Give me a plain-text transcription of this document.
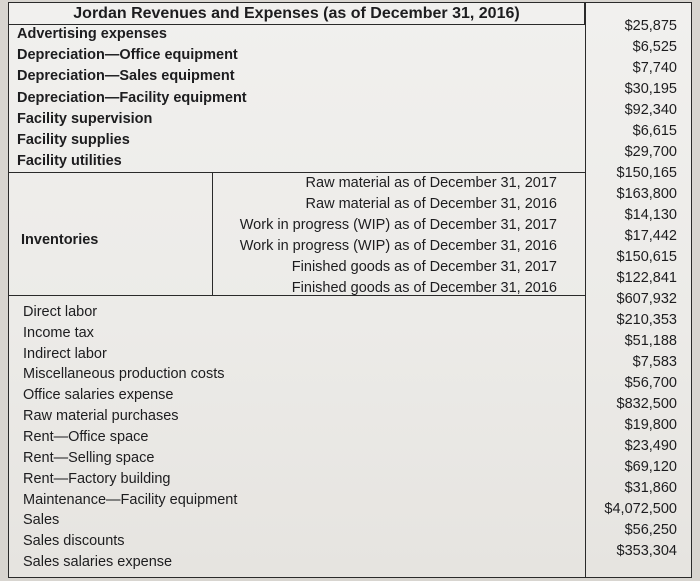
Jordan Revenues and Expenses (as of December 31, 2016)
Advertising expenses
Depreciation—Office equipment
Depreciation—Sales equipment
Depreciation—Facility equipment
Facility supervision
Facility supplies
Facility utilities
$25,875
$6,525
$7,740
$30,195
$92,340
$6,615
$29,700
Inventories
Raw material as of December 31, 2017
Raw material as of December 31, 2016
Work in progress (WIP) as of December 31, 2017
Work in progress (WIP) as of December 31, 2016
Finished goods as of December 31, 2017
Finished goods as of December 31, 2016
$150,165
$163,800
$14,130
$17,442
$150,615
$122,841
Direct labor
Income tax
Indirect labor
Miscellaneous production costs
Office salaries expense
Raw material purchases
Rent—Office space
Rent—Selling space
Rent—Factory building
Maintenance—Facility equipment
Sales
Sales discounts
Sales salaries expense
$607,932
$210,353
$51,188
$7,583
$56,700
$832,500
$19,800
$23,490
$69,120
$31,860
$4,072,500
$56,250
$353,304
